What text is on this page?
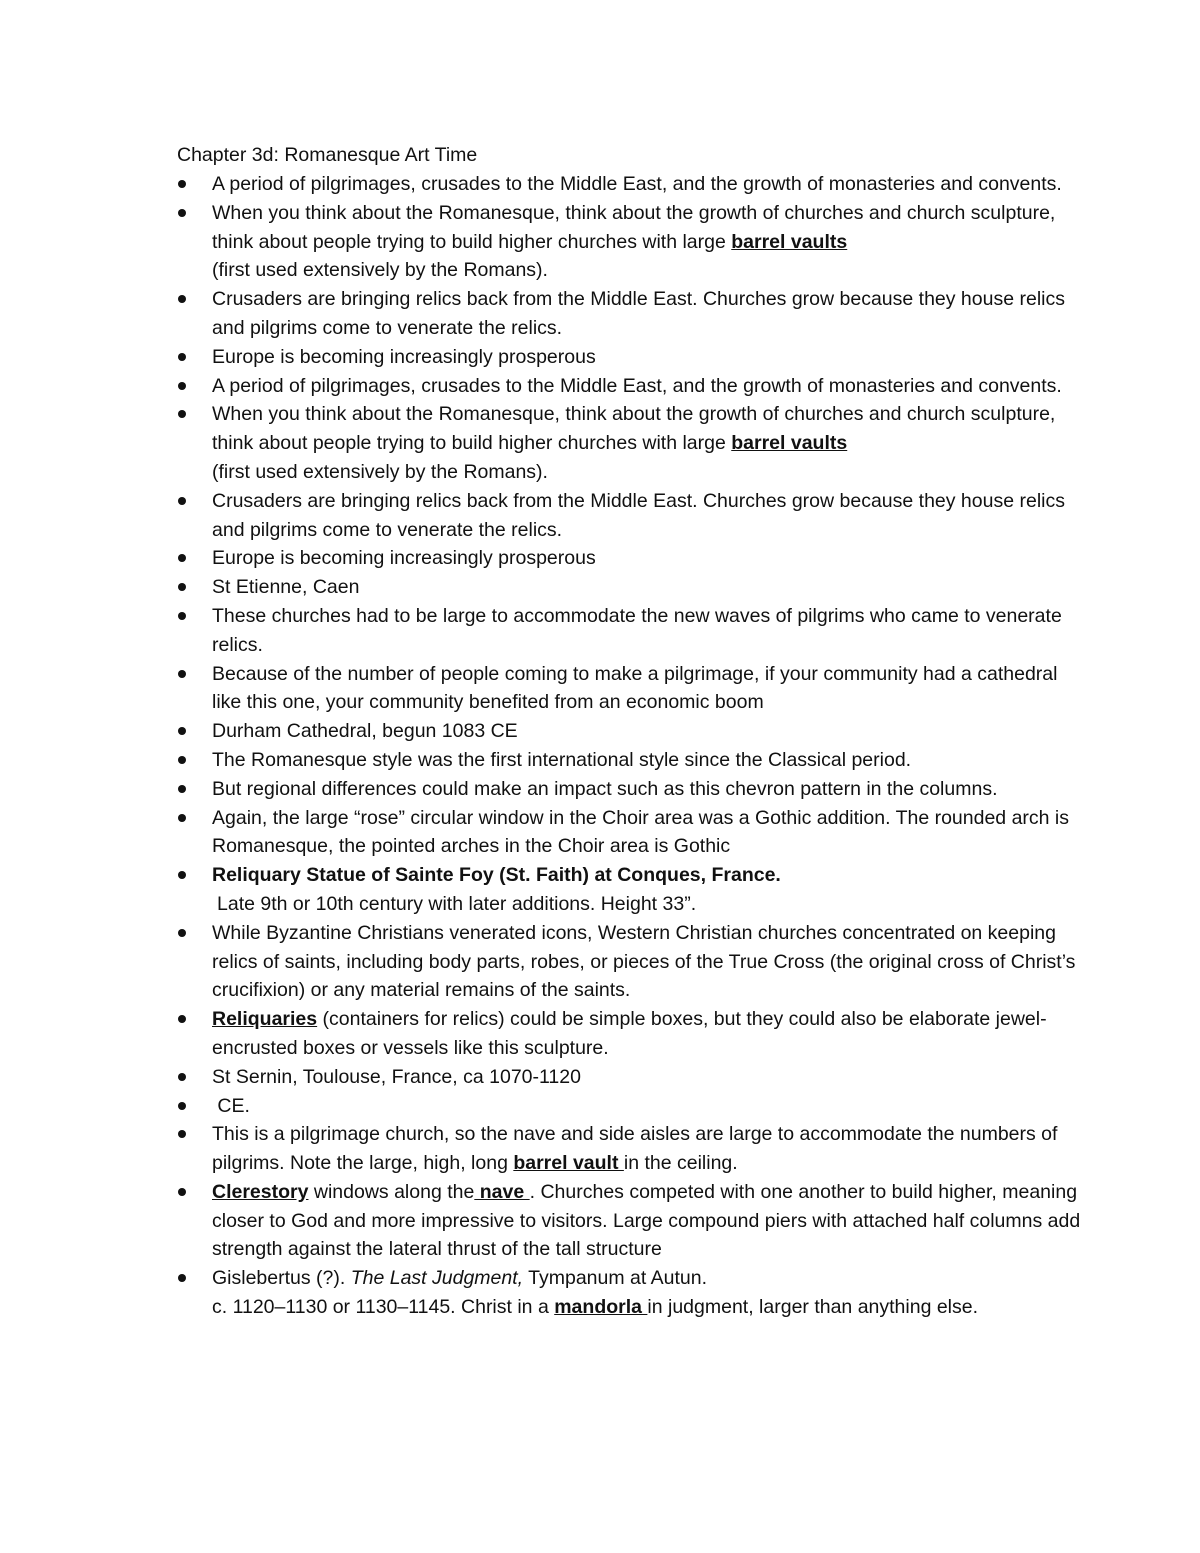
Chapter 3d: Romanesque Art Time

A period of pilgrimages, crusades to the Middle East, and the growth of monasteries and convents.
When you think about the Romanesque, think about the growth of churches and church sculpture, think about people trying to build higher churches with large barrel vaults
(first used extensively by the Romans).
Crusaders are bringing relics back from the Middle East. Churches grow because they house relics and pilgrims come to venerate the relics.
Europe is becoming increasingly prosperous
A period of pilgrimages, crusades to the Middle East, and the growth of monasteries and convents.
When you think about the Romanesque, think about the growth of churches and church sculpture, think about people trying to build higher churches with large barrel vaults
(first used extensively by the Romans).
Crusaders are bringing relics back from the Middle East. Churches grow because they house relics and pilgrims come to venerate the relics.
Europe is becoming increasingly prosperous
St Etienne, Caen
These churches had to be large to accommodate the new waves of pilgrims who came to venerate relics.
Because of the number of people coming to make a pilgrimage, if your community had a cathedral like this one, your community benefited from an economic boom
Durham Cathedral, begun 1083 CE
The Romanesque style was the first international style since the Classical period.
But regional differences could make an impact such as this chevron pattern in the columns.
Again, the large “rose” circular window in the Choir area was a Gothic addition. The rounded arch is Romanesque, the pointed arches in the Choir area is Gothic
Reliquary Statue of Sainte Foy (St. Faith) at Conques, France.
Late 9th or 10th century with later additions. Height 33”.
While Byzantine Christians venerated icons, Western Christian churches concentrated on keeping relics of saints, including body parts, robes, or pieces of the True Cross (the original cross of Christ’s crucifixion) or any material remains of the saints.
Reliquaries (containers for relics) could be simple boxes, but they could also be elaborate jewel-encrusted boxes or vessels like this sculpture.
St Sernin, Toulouse, France, ca 1070-1120
CE.
This is a pilgrimage church, so the nave and side aisles are large to accommodate the numbers of pilgrims. Note the large, high, long barrel vault in the ceiling.
Clerestory windows along the nave . Churches competed with one another to build higher, meaning closer to God and more impressive to visitors. Large compound piers with attached half columns add strength against the lateral thrust of the tall structure
Gislebertus (?). The Last Judgment, Tympanum at Autun.
c. 1120–1130 or 1130–1145. Christ in a mandorla in judgment, larger than anything else.
